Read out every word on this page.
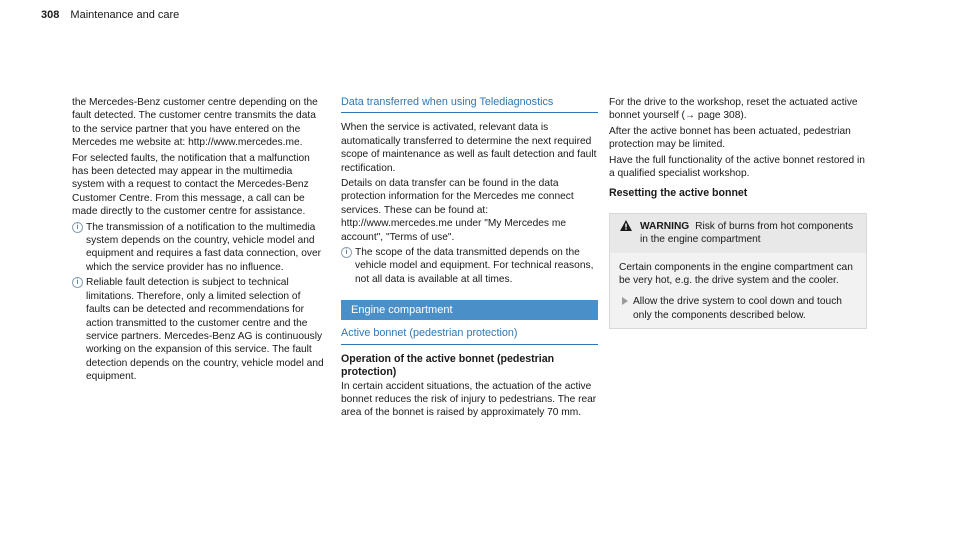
308 Maintenance and care

the Mercedes-Benz customer centre depending on the fault detected. The customer centre transmits the data to the service partner that you have entered on the Mercedes me website at: http://www.mercedes.me.

For selected faults, the notification that a malfunction has been detected may appear in the multimedia system with a request to contact the Mercedes-Benz Customer Centre. From this message, a call can be made directly to the customer centre for assistance.

i The transmission of a notification to the multimedia system depends on the country, vehicle model and equipment and requires a fast data connection, over which the service provider has no influence.
i Reliable fault detection is subject to technical limitations. Therefore, only a limited selection of faults can be detected and recommendations for action transmitted to the customer centre and the service partners. Mercedes-Benz AG is continuously working on the expansion of this service. The fault detection depends on the country, vehicle model and equipment.
Data transferred when using Telediagnostics

When the service is activated, relevant data is automatically transferred to determine the next required scope of maintenance as well as fault detection and fault rectification.

Details on data transfer can be found in the data protection information for the Mercedes me connect services. These can be found at: http://www.mercedes.me under "My Mercedes me account", "Terms of use".

i The scope of the data transmitted depends on the vehicle model and equipment. For technical reasons, not all data is available at all times.
Engine compartment
Active bonnet (pedestrian protection)
Operation of the active bonnet (pedestrian protection)

In certain accident situations, the actuation of the active bonnet reduces the risk of injury to pedestrians. The rear area of the bonnet is raised by approximately 70 mm.

For the drive to the workshop, reset the actuated active bonnet yourself (→ page 308).

After the active bonnet has been actuated, pedestrian protection may be limited.

Have the full functionality of the active bonnet restored in a qualified specialist workshop.

Resetting the active bonnet
WARNING Risk of burns from hot components in the engine compartment

Certain components in the engine compartment can be very hot, e.g. the drive system and the cooler.

Allow the drive system to cool down and touch only the components described below.
